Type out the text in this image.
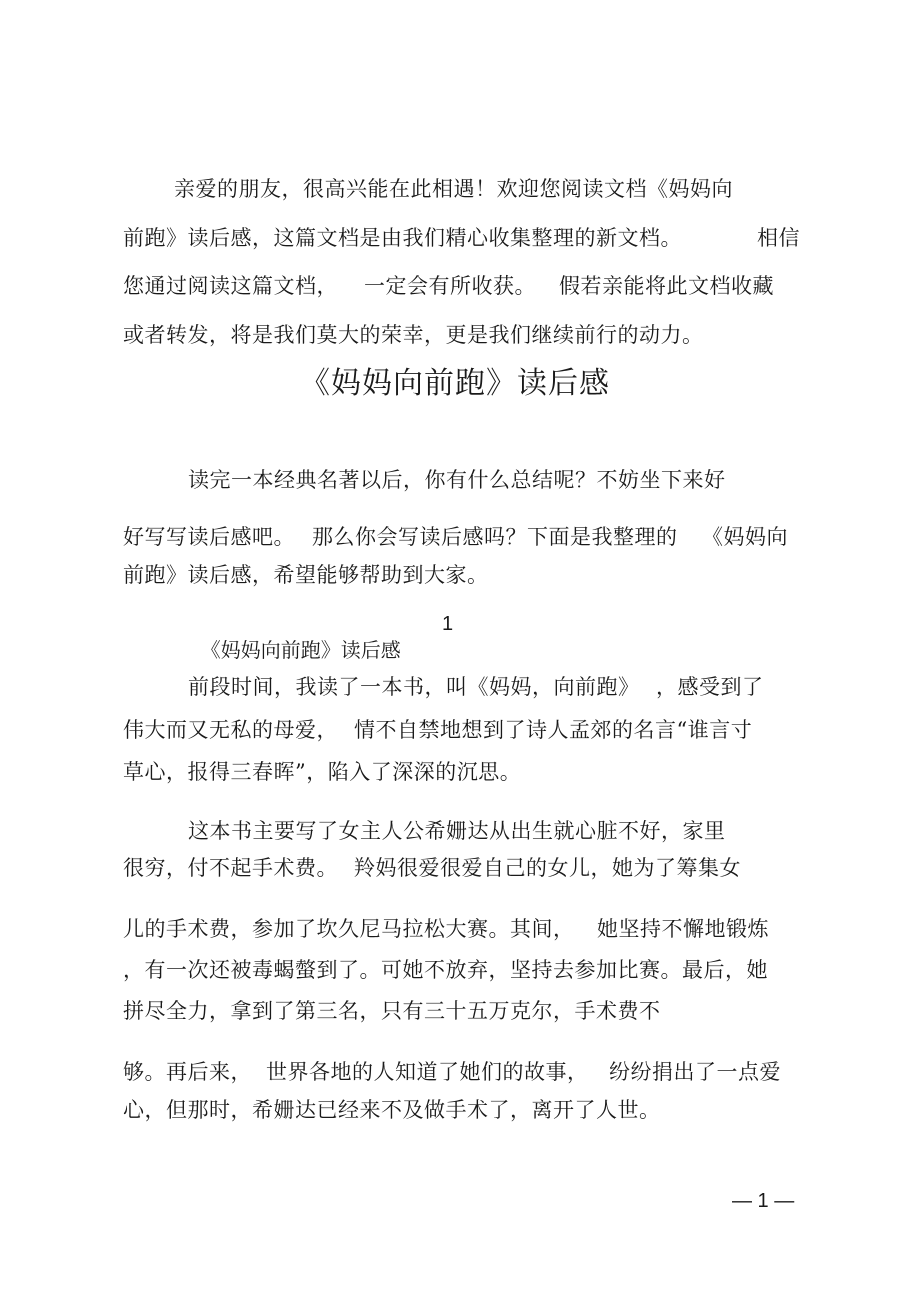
亲爱的朋友，很高兴能在此相遇！欢迎您阅读文档《妈妈向
前跑》读后感，这篇文档是由我们精心收集整理的新文档。	相信
您通过阅读这篇文档， 一定会有所收获。 假若亲能将此文档收藏
或者转发，将是我们莫大的荣幸，更是我们继续前行的动力。
《妈妈向前跑》读后感
读完一本经典名著以后，你有什么总结呢？不妨坐下来好
好写写读后感吧。 那么你会写读后感吗？下面是我整理的 《妈妈向
前跑》读后感，希望能够帮助到大家。

《妈妈向前跑》读后感

1
前段时间，我读了一本书，叫《妈妈，向前跑》 ，感受到了
伟大而又无私的母爱， 情不自禁地想到了诗人孟郊的名言“谁言寸
草心，报得三春晖”，陷入了深深的沉思。
这本书主要写了女主人公希姗达从出生就心脏不好，家里
很穷，付不起手术费。 羚妈很爱很爱自己的女儿，她为了筹集女
儿的手术费，参加了坎久尼马拉松大赛。其间， 她坚持不懈地锻炼
，有一次还被毒蝎螫到了。可她不放弃，坚持去参加比赛。最后，她
拼尽全力，拿到了第三名，只有三十五万克尔，手术费不
够。再后来， 世界各地的人知道了她们的故事， 纷纷捐出了一点爱
心，但那时，希姗达已经来不及做手术了，离开了人世。
— 1 —
